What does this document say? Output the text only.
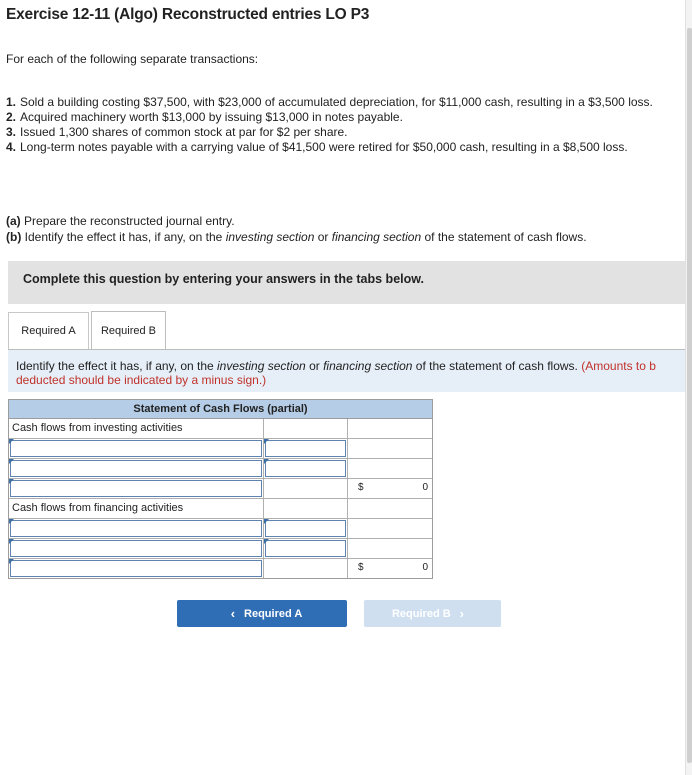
Exercise 12-11 (Algo) Reconstructed entries LO P3
For each of the following separate transactions:
1. Sold a building costing $37,500, with $23,000 of accumulated depreciation, for $11,000 cash, resulting in a $3,500 loss.
2. Acquired machinery worth $13,000 by issuing $13,000 in notes payable.
3. Issued 1,300 shares of common stock at par for $2 per share.
4. Long-term notes payable with a carrying value of $41,500 were retired for $50,000 cash, resulting in a $8,500 loss.
(a) Prepare the reconstructed journal entry.
(b) Identify the effect it has, if any, on the investing section or financing section of the statement of cash flows.
Complete this question by entering your answers in the tabs below.
Required A Required B
Identify the effect it has, if any, on the investing section or financing section of the statement of cash flows. (Amounts to b
deducted should be indicated by a minus sign.)
Statement of Cash Flows (partial)
Cash flows from investing activities
$	0
Cash flows from financing activities
$	0
‹ Required A	Required B ›
